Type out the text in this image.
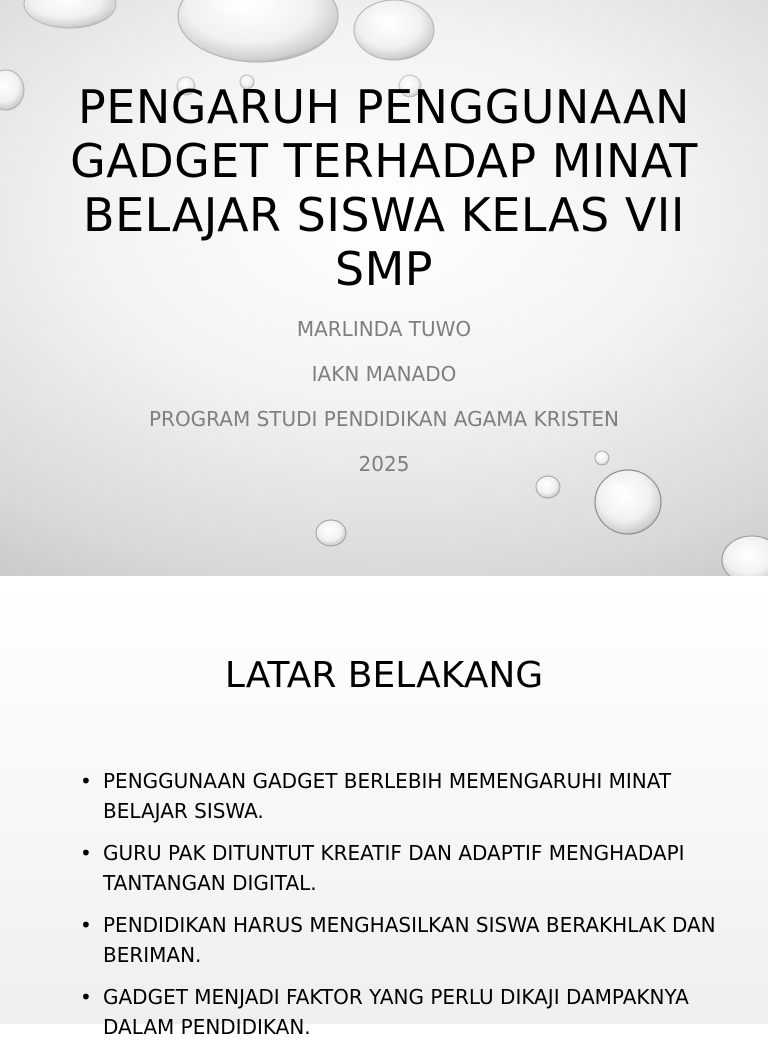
PENGARUH PENGGUNAAN GADGET TERHADAP MINAT BELAJAR SISWA KELAS VII SMP
MARLINDA TUWO
IAKN MANADO
PROGRAM STUDI PENDIDIKAN AGAMA KRISTEN
2025
LATAR BELAKANG
• PENGGUNAAN GADGET BERLEBIH MEMENGARUHI MINAT BELAJAR SISWA.
• GURU PAK DITUNTUT KREATIF DAN ADAPTIF MENGHADAPI TANTANGAN DIGITAL.
• PENDIDIKAN HARUS MENGHASILKAN SISWA BERAKHLAK DAN BERIMAN.
• GADGET MENJADI FAKTOR YANG PERLU DIKAJI DAMPAKNYA DALAM PENDIDIKAN.
